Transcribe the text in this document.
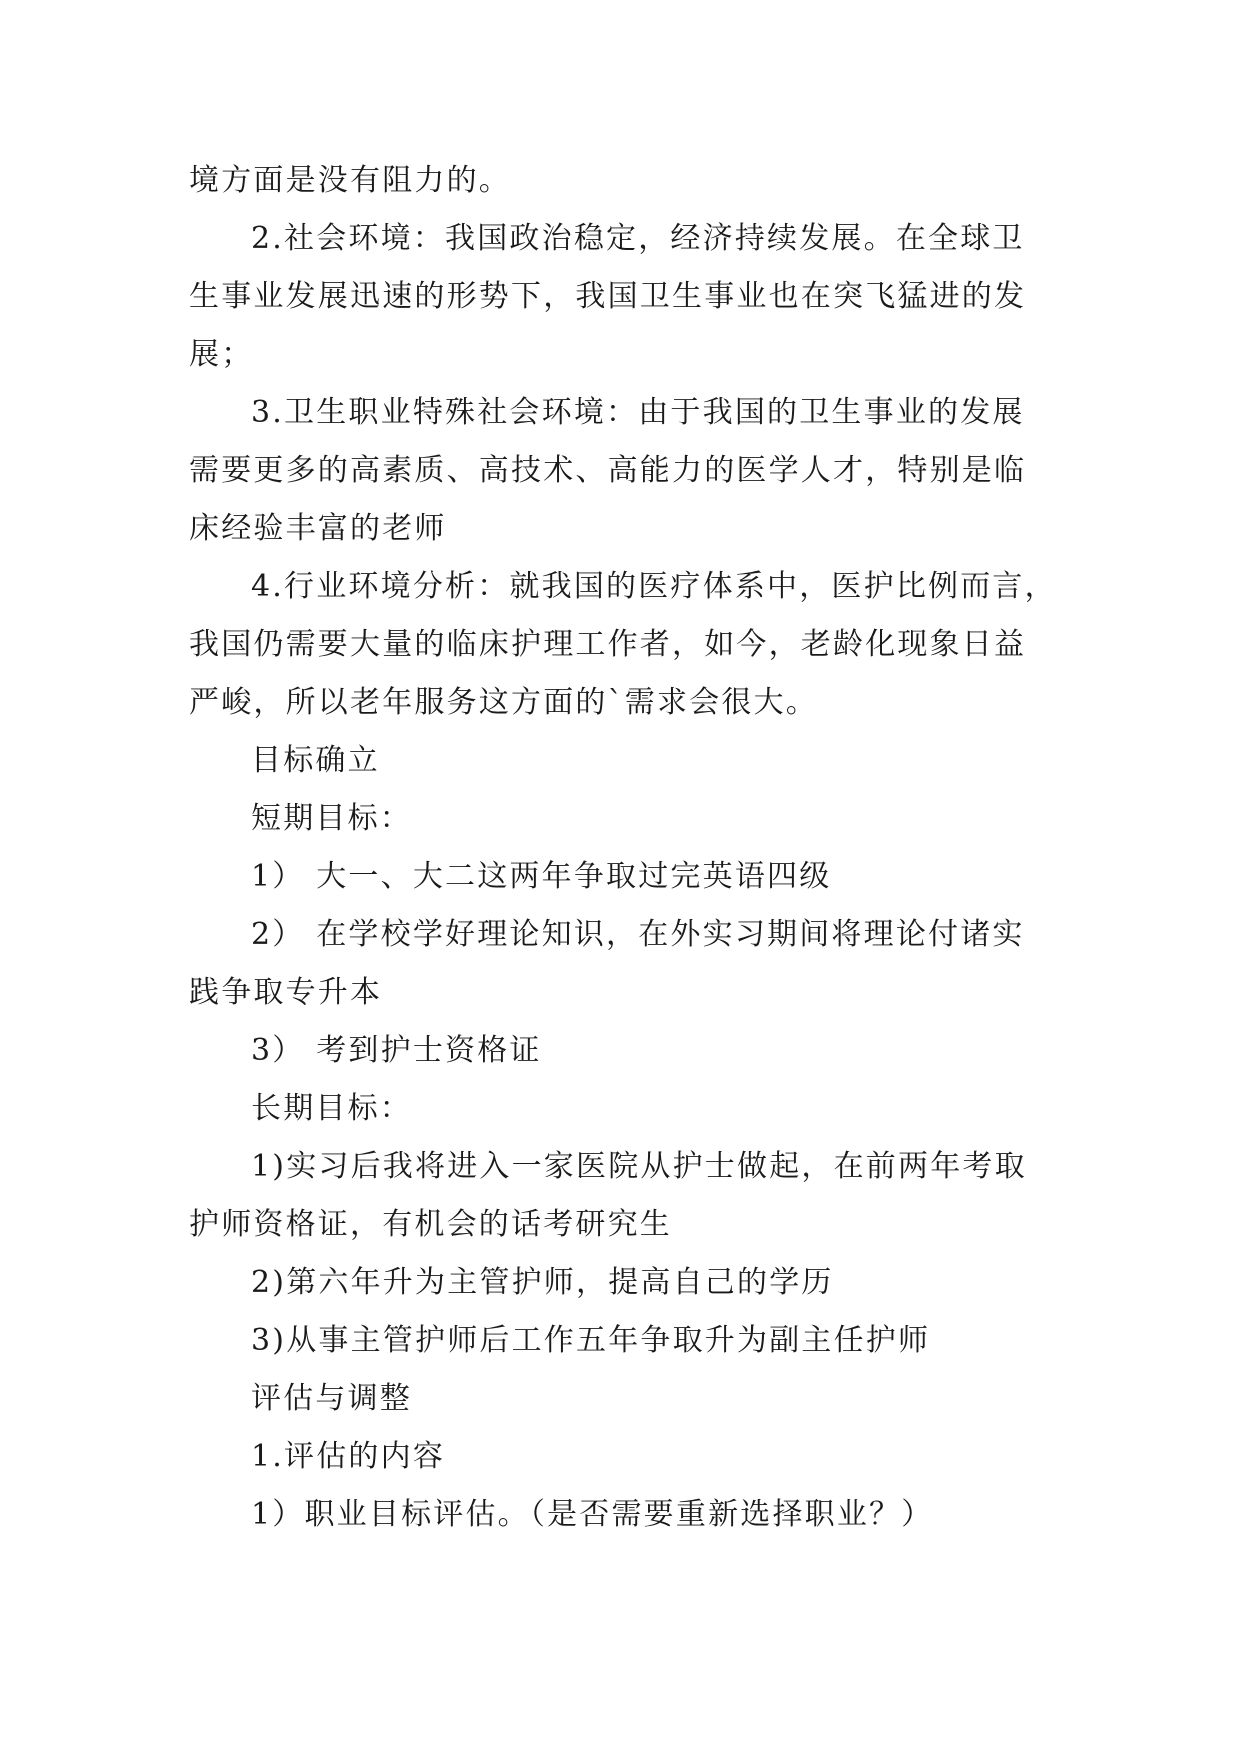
境方面是没有阻力的。
2.社会环境：我国政治稳定，经济持续发展。在全球卫
生事业发展迅速的形势下，我国卫生事业也在突飞猛进的发
展；
3.卫生职业特殊社会环境：由于我国的卫生事业的发展
需要更多的高素质、高技术、高能力的医学人才，特别是临
床经验丰富的老师
4.行业环境分析：就我国的医疗体系中，医护比例而言，
我国仍需要大量的临床护理工作者，如今，老龄化现象日益
严峻，所以老年服务这方面的`需求会很大。
目标确立
短期目标：
1） 大一、大二这两年争取过完英语四级
2） 在学校学好理论知识，在外实习期间将理论付诸实
践争取专升本
3） 考到护士资格证
长期目标：
1)实习后我将进入一家医院从护士做起，在前两年考取
护师资格证，有机会的话考研究生
2)第六年升为主管护师，提高自己的学历
3)从事主管护师后工作五年争取升为副主任护师
评估与调整
1.评估的内容
1）职业目标评估。（是否需要重新选择职业？）
